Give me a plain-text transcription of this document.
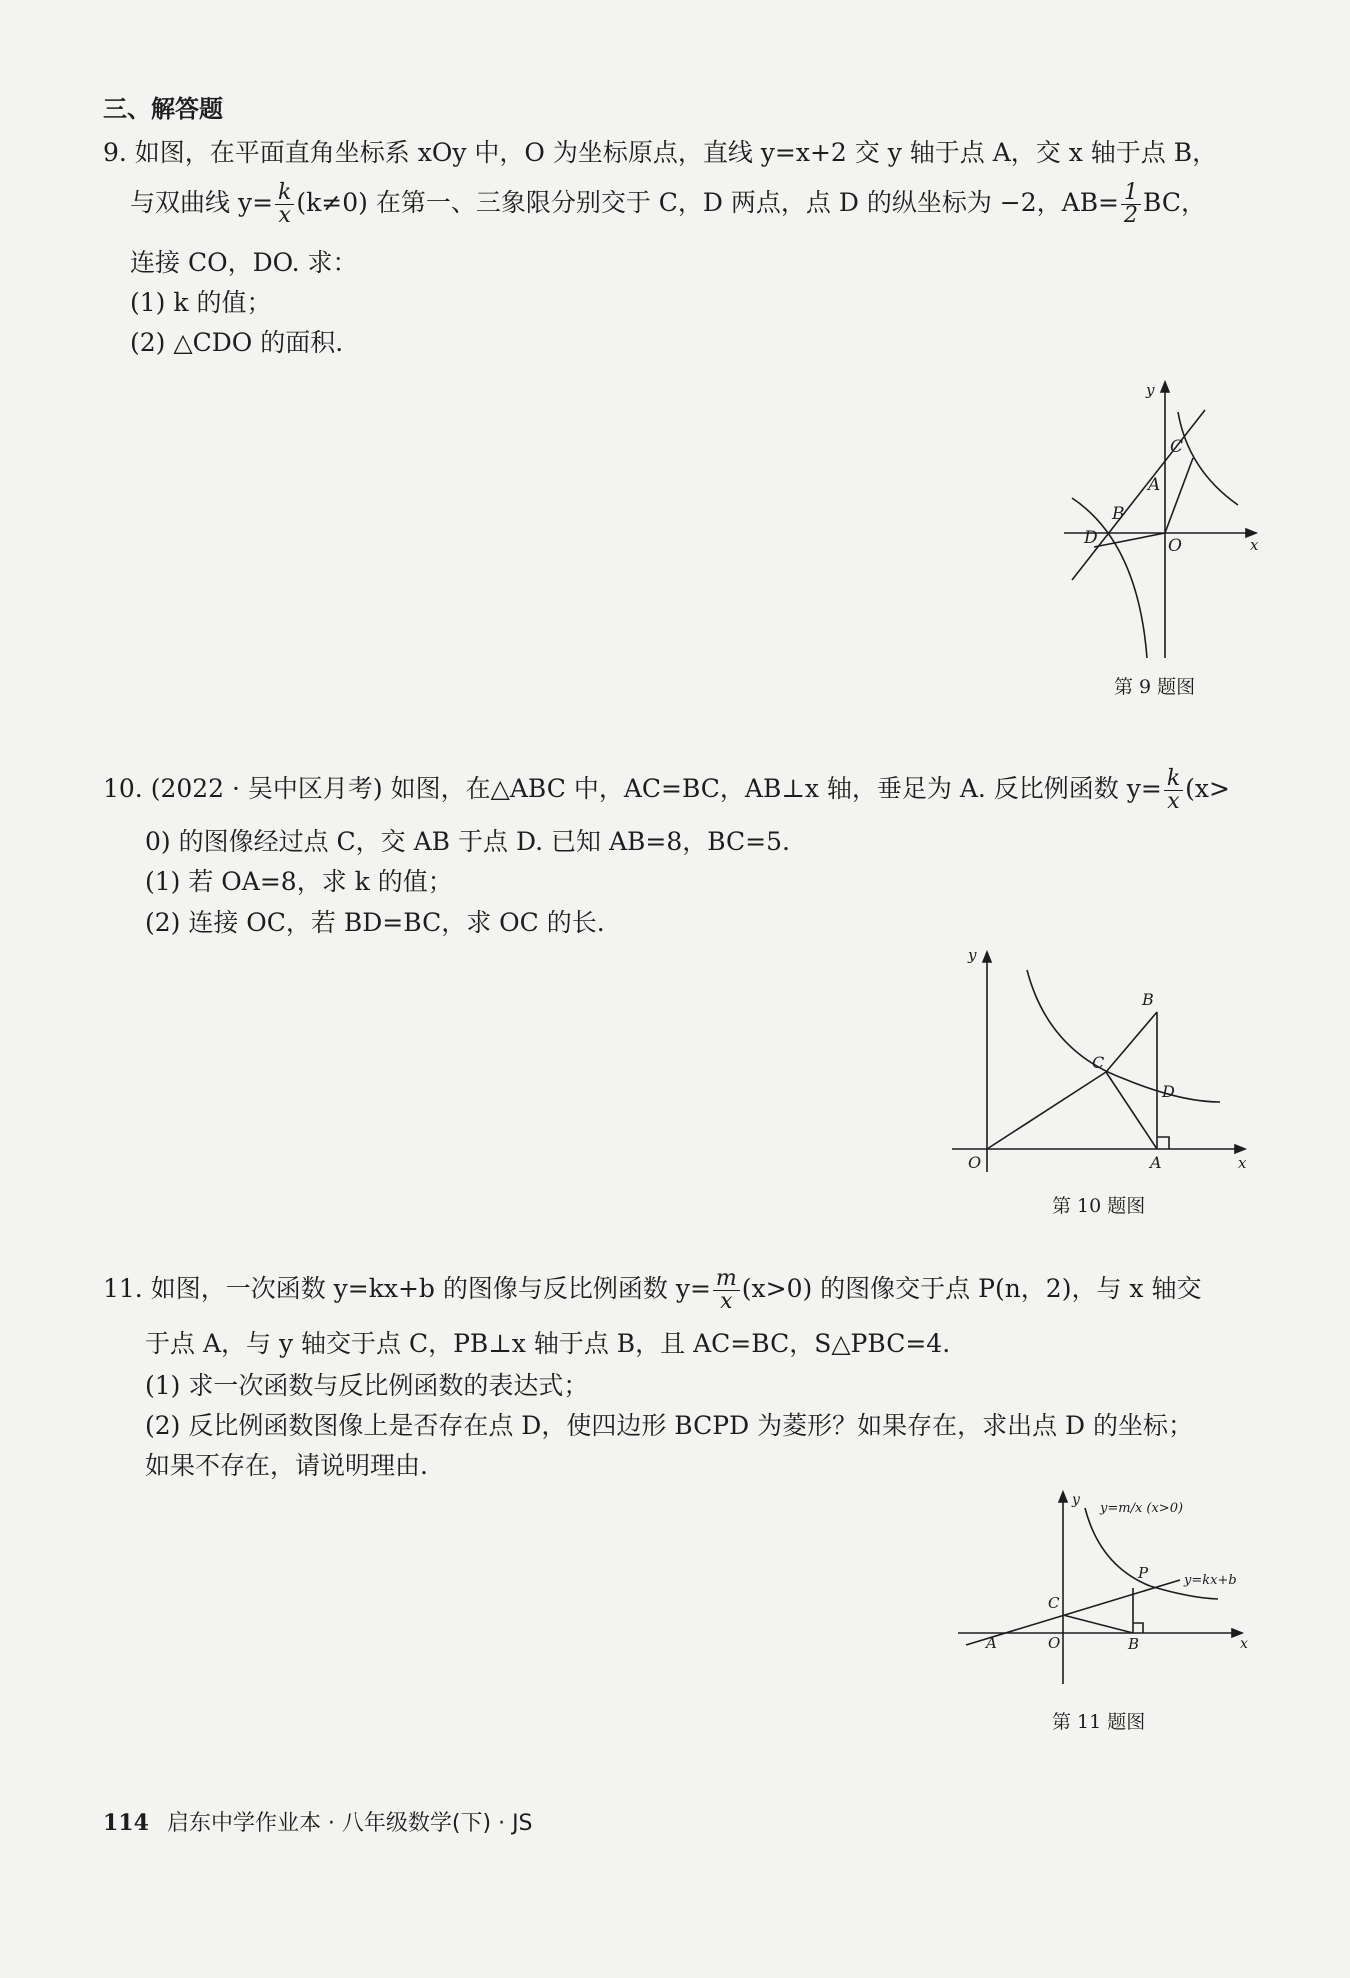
三、解答题
9. 如图，在平面直角坐标系 xOy 中，O 为坐标原点，直线 y=x+2 交 y 轴于点 A，交 x 轴于点 B，
与双曲线 $y= \frac{k}{x} (k\ne 0)$ 在第一、三象限分别交于 C，D 两点，点 D 的纵坐标为 −2，$AB= \frac{1}{2}$ BC，
连接 CO，DO. 求：
(1) k 的值；
(2) △CDO 的面积.
y
x
C
A
B
D	O
第 9 题图
10. (2022 · 吴中区月考) 如图，在△ABC 中，AC=BC，AB⊥x 轴，垂足为 A. 反比例函数 $y= \frac{k}{x} (x>$
0) 的图像经过点 C，交 AB 于点 D. 已知 AB=8，BC=5.
(1) 若 OA=8，求 k 的值；
(2) 连接 OC，若 BD=BC，求 OC 的长.
y
x
O	A
B
C
D
第 10 题图
11. 如图，一次函数 y=kx+b 的图像与反比例函数 $y= \frac{m}{x} (x>0)$ 的图像交于点 P(n，2)，与 x 轴交
于点 A，与 y 轴交于点 C，PB⊥x 轴于点 B，且 AC=BC，S△PBC=4.
(1) 求一次函数与反比例函数的表达式；
(2) 反比例函数图像上是否存在点 D，使四边形 BCPD 为菱形？如果存在，求出点 D 的坐标；
如果不存在，请说明理由.
y
x
O
A	B
C
P
y=m/x (x>0)
y=kx+b
第 11 题图
114 启东中学作业本 · 八年级数学(下) · JS
